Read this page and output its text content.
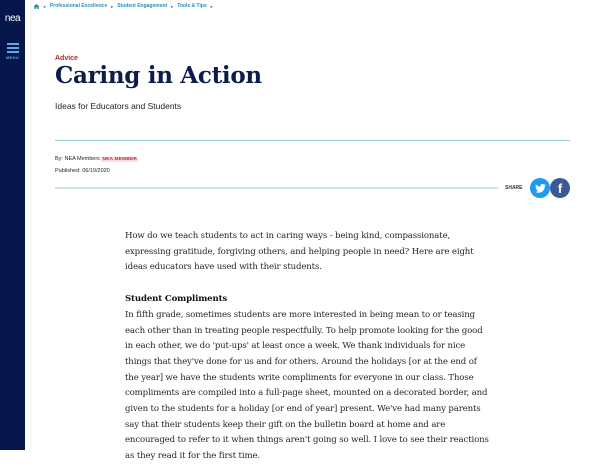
nea
MENU
► Professional Excellence ► Student Engagement ► Tools & Tips ►
Advice
Caring in Action
Ideas for Educators and Students
By: NEA Members NEA MEMBER
Published: 06/19/2020
SHARE	f

How do we teach students to act in caring ways - being kind, compassionate, expressing gratitude, forgiving others, and helping people in need? Here are eight ideas educators have used with their students.

Student Compliments

In fifth grade, sometimes students are more interested in being mean to or teasing each other than in treating people respectfully. To help promote looking for the good in each other, we do 'put-ups' at least once a week. We thank individuals for nice things that they've done for us and for others. Around the holidays [or at the end of the year] we have the students write compliments for everyone in our class. Those compliments are compiled into a full-page sheet, mounted on a decorated border, and given to the students for a holiday [or end of year] present. We've had many parents say that their students keep their gift on the bulletin board at home and are encouraged to refer to it when things aren't going so well. I love to see their reactions as they read it for the first time.
